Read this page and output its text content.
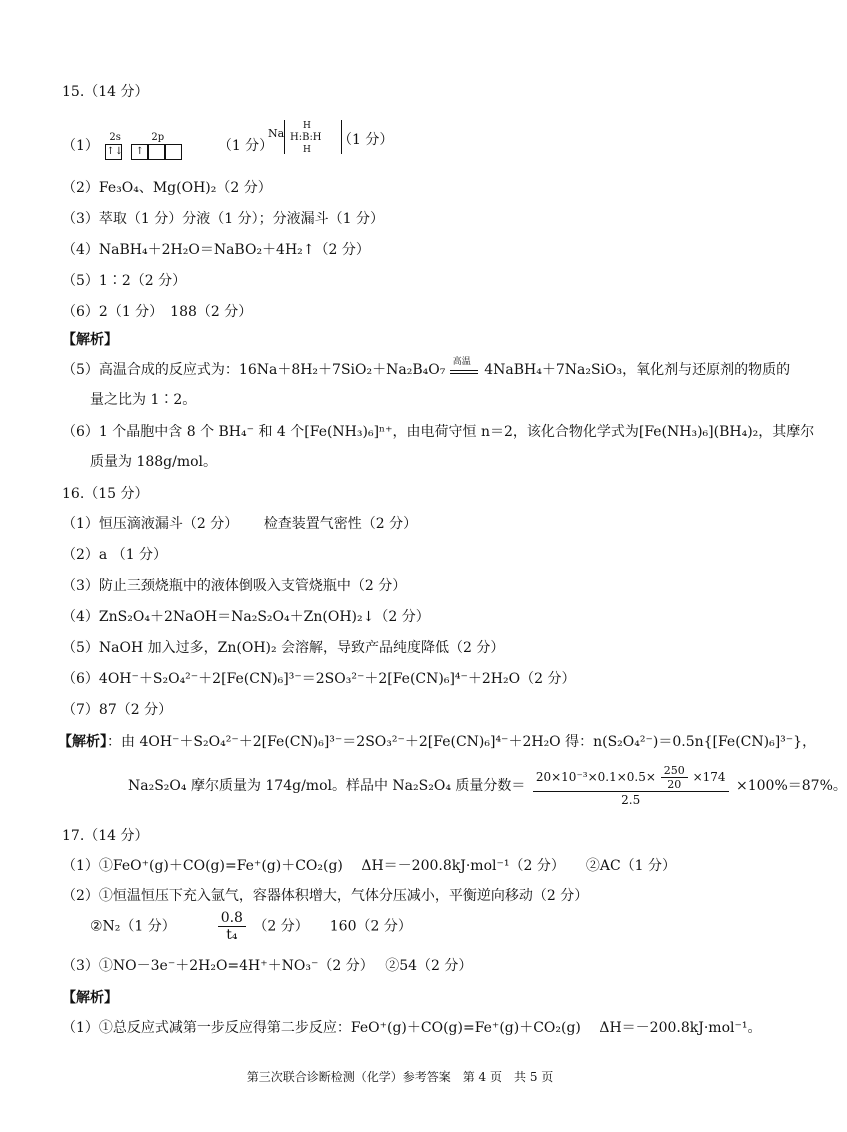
15.（14 分）
（1）
2s	2p
↑↓	↑	（1 分）
Na
H
H:B:H
H
（1 分）
（2）Fe₃O₄、Mg(OH)₂（2 分）
（3）萃取（1 分）分液（1 分）；分液漏斗（1 分）
（4）NaBH₄＋2H₂O＝NaBO₂＋4H₂↑（2 分）
（5）1∶2（2 分）
（6）2（1 分）　188（2 分）
【解析】
（5）高温合成的反应式为：16Na＋8H₂＋7SiO₂＋Na₂B₄O₇ 高温 4NaBH₄＋7Na₂SiO₃，氧化剂与还原剂的物质的
量之比为 1∶2。
（6）1 个晶胞中含 8 个 BH₄⁻ 和 4 个[Fe(NH₃)₆]ⁿ⁺，由电荷守恒 n＝2，该化合物化学式为[Fe(NH₃)₆](BH₄)₂，其摩尔
质量为 188g/mol。
16.（15 分）
（1）恒压滴液漏斗（2 分）　　 检查装置气密性（2 分）
（2）a （1 分）
（3）防止三颈烧瓶中的液体倒吸入支管烧瓶中（2 分）
（4）ZnS₂O₄＋2NaOH＝Na₂S₂O₄＋Zn(OH)₂↓（2 分）
（5）NaOH 加入过多，Zn(OH)₂ 会溶解，导致产品纯度降低（2 分）
（6）4OH⁻＋S₂O₄²⁻＋2[Fe(CN)₆]³⁻＝2SO₃²⁻＋2[Fe(CN)₆]⁴⁻＋2H₂O（2 分）
（7）87（2 分）
【解析】：由 4OH⁻＋S₂O₄²⁻＋2[Fe(CN)₆]³⁻＝2SO₃²⁻＋2[Fe(CN)₆]⁴⁻＋2H₂O 得：n(S₂O₄²⁻)＝0.5n{[Fe(CN)₆]³⁻}，
Na₂S₂O₄ 摩尔质量为 174g/mol。样品中 Na₂S₂O₄ 质量分数＝
$20\times 10^{-3}\times 0.1\times 0.5\times \frac{250}{20} \times 174$
2.5
×100%＝87%。
17.（14 分）
（1）①FeO⁺(g)＋CO(g)=Fe⁺(g)＋CO₂(g)　 ΔH＝－200.8kJ·mol⁻¹（2 分）　　②AC（1 分）
（2）①恒温恒压下充入氩气，容器体积增大，气体分压减小，平衡逆向移动（2 分）
②N₂（1 分）	$\frac{0.8}{\text{t₄}} (2$ 分）　　160（2 分）
（3）①NO－3e⁻＋2H₂O=4H⁺＋NO₃⁻（2 分）　 ②54（2 分）
【解析】
（1）①总反应式减第一步反应得第二步反应：FeO⁺(g)＋CO(g)=Fe⁺(g)＋CO₂(g)　 ΔH＝－200.8kJ·mol⁻¹。
第三次联合诊断检测（化学）参考答案　第 4 页　共 5 页
